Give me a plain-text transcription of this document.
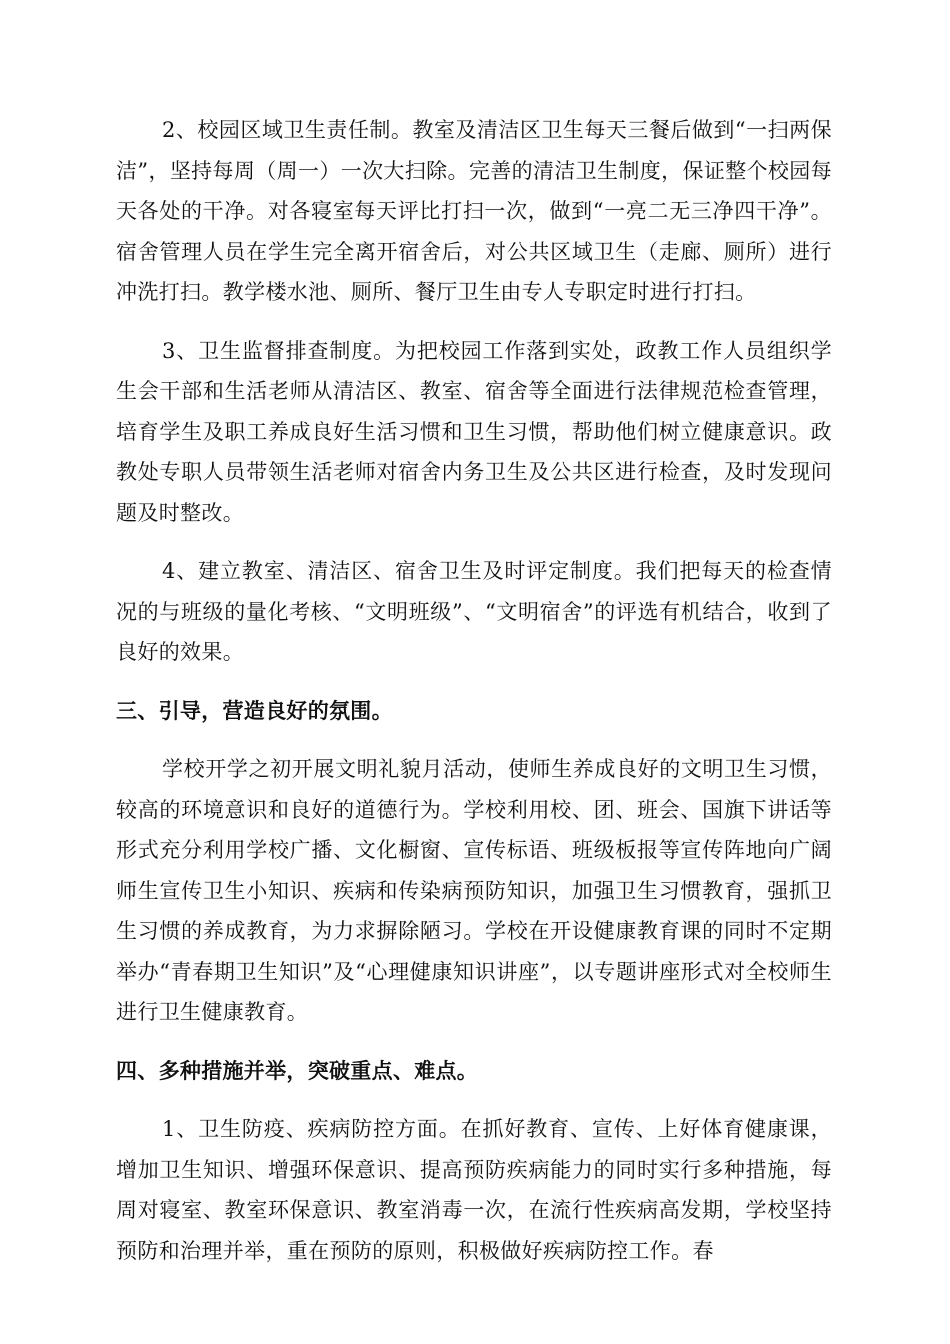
2、校园区域卫生责任制。教室及清洁区卫生每天三餐后做到“一扫两保洁”，坚持每周（周一）一次大扫除。完善的清洁卫生制度，保证整个校园每天各处的干净。对各寝室每天评比打扫一次，做到“一亮二无三净四干净”。宿舍管理人员在学生完全离开宿舍后，对公共区域卫生（走廊、厕所）进行冲洗打扫。教学楼水池、厕所、餐厅卫生由专人专职定时进行打扫。

3、卫生监督排查制度。为把校园工作落到实处，政教工作人员组织学生会干部和生活老师从清洁区、教室、宿舍等全面进行法律规范检查管理，培育学生及职工养成良好生活习惯和卫生习惯，帮助他们树立健康意识。政教处专职人员带领生活老师对宿舍内务卫生及公共区进行检查，及时发现问题及时整改。

4、建立教室、清洁区、宿舍卫生及时评定制度。我们把每天的检查情况的与班级的量化考核、“文明班级”、“文明宿舍”的评选有机结合，收到了良好的效果。

三、引导，营造良好的氛围。

学校开学之初开展文明礼貌月活动，使师生养成良好的文明卫生习惯，较高的环境意识和良好的道德行为。学校利用校、团、班会、国旗下讲话等形式充分利用学校广播、文化橱窗、宣传标语、班级板报等宣传阵地向广阔师生宣传卫生小知识、疾病和传染病预防知识，加强卫生习惯教育，强抓卫生习惯的养成教育，为力求摒除陋习。学校在开设健康教育课的同时不定期举办“青春期卫生知识”及“心理健康知识讲座”，以专题讲座形式对全校师生进行卫生健康教育。

四、多种措施并举，突破重点、难点。

1、卫生防疫、疾病防控方面。在抓好教育、宣传、上好体育健康课，增加卫生知识、增强环保意识、提高预防疾病能力的同时实行多种措施，每周对寝室、教室环保意识、教室消毒一次，在流行性疾病高发期，学校坚持预防和治理并举，重在预防的原则，积极做好疾病防控工作。春
